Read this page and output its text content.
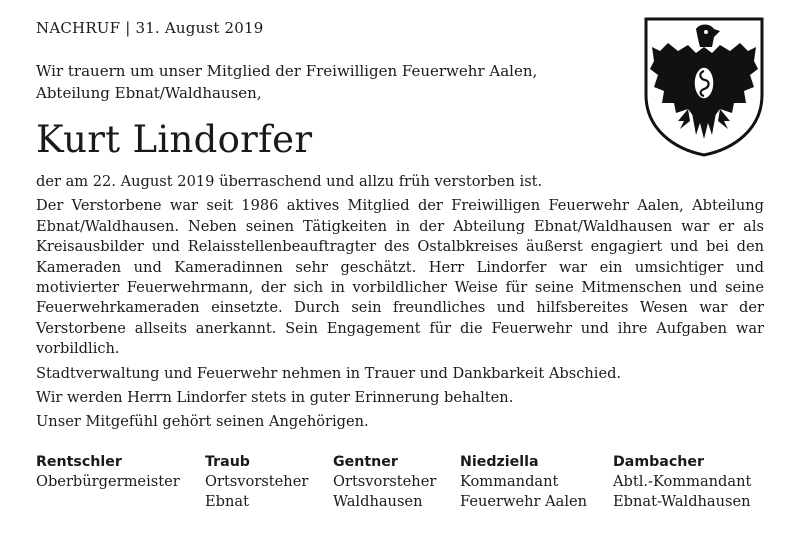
NACHRUF | 31. August 2019
Wir trauern um unser Mitglied der Freiwilligen Feuerwehr Aalen,
Abteilung Ebnat/Waldhausen,
Kurt Lindorfer

der am 22. August 2019 überraschend und allzu früh verstorben ist.

Der Verstorbene war seit 1986 aktives Mitglied der Freiwilligen Feuerwehr Aalen, Abteilung Ebnat/Waldhausen. Neben seinen Tätigkeiten in der Abteilung Ebnat/Waldhausen war er als Kreisausbilder und Relaisstellenbeauftragter des Ostalbkreises äußerst engagiert und bei den Kameraden und Kameradinnen sehr geschätzt. Herr Lindorfer war ein umsichtiger und motivierter Feuerwehrmann, der sich in vorbildlicher Weise für seine Mitmenschen und seine Feuerwehrkameraden einsetzte. Durch sein freundliches und hilfsbereites Wesen war der Verstorbene allseits anerkannt. Sein Engagement für die Feuerwehr und ihre Aufgaben war vorbildlich.

Stadtverwaltung und Feuerwehr nehmen in Trauer und Dankbarkeit Abschied.

Wir werden Herrn Lindorfer stets in guter Erinnerung behalten.

Unser Mitgefühl gehört seinen Angehörigen.

Rentschler
Oberbürgermeister
Traub
Ortsvorsteher
Ebnat
Gentner
Ortsvorsteher
Waldhausen
Niedziella
Kommandant
Feuerwehr Aalen
Dambacher
Abtl.-Kommandant
Ebnat-Waldhausen
